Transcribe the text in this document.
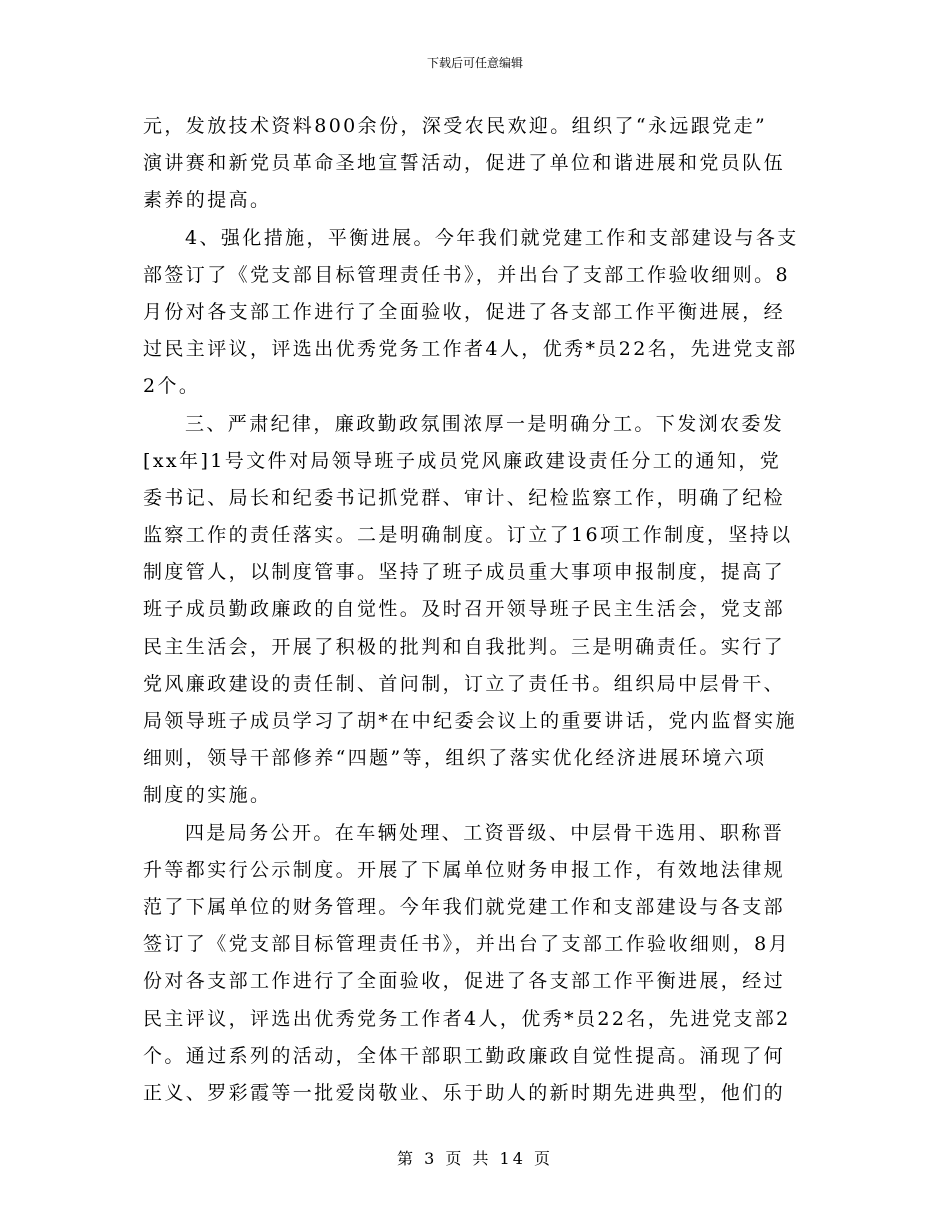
下载后可任意编辑
元，发放技术资料800余份，深受农民欢迎。组织了“永远跟党走”
演讲赛和新党员革命圣地宣誓活动，促进了单位和谐进展和党员队伍
素养的提高。
4、强化措施，平衡进展。今年我们就党建工作和支部建设与各支
部签订了《党支部目标管理责任书》，并出台了支部工作验收细则。8
月份对各支部工作进行了全面验收，促进了各支部工作平衡进展，经
过民主评议，评选出优秀党务工作者4人，优秀*员22名，先进党支部
2个。
三、严肃纪律，廉政勤政氛围浓厚一是明确分工。下发浏农委发
[xx年]1号文件对局领导班子成员党风廉政建设责任分工的通知，党
委书记、局长和纪委书记抓党群、审计、纪检监察工作，明确了纪检
监察工作的责任落实。二是明确制度。订立了16项工作制度，坚持以
制度管人，以制度管事。坚持了班子成员重大事项申报制度，提高了
班子成员勤政廉政的自觉性。及时召开领导班子民主生活会，党支部
民主生活会，开展了积极的批判和自我批判。三是明确责任。实行了
党风廉政建设的责任制、首问制，订立了责任书。组织局中层骨干、
局领导班子成员学习了胡*在中纪委会议上的重要讲话，党内监督实施
细则，领导干部修养“四题”等，组织了落实优化经济进展环境六项
制度的实施。
四是局务公开。在车辆处理、工资晋级、中层骨干选用、职称晋
升等都实行公示制度。开展了下属单位财务申报工作，有效地法律规
范了下属单位的财务管理。今年我们就党建工作和支部建设与各支部
签订了《党支部目标管理责任书》，并出台了支部工作验收细则，8月
份对各支部工作进行了全面验收，促进了各支部工作平衡进展，经过
民主评议，评选出优秀党务工作者4人，优秀*员22名，先进党支部2
个。通过系列的活动，全体干部职工勤政廉政自觉性提高。涌现了何
正义、罗彩霞等一批爱岗敬业、乐于助人的新时期先进典型，他们的
第 3 页 共 14 页
